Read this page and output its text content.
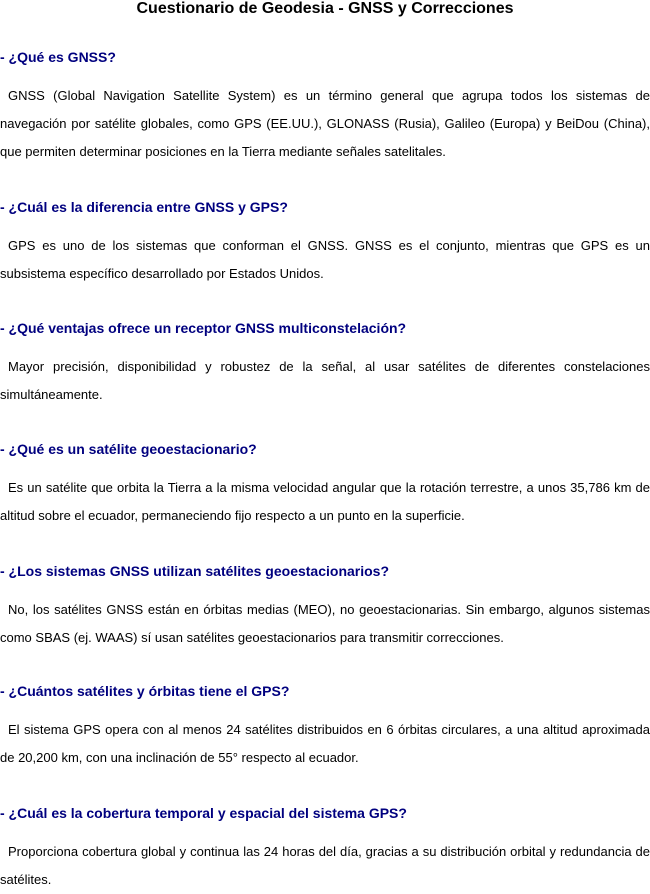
Cuestionario de Geodesia - GNSS y Correcciones

- ¿Qué es GNSS?

GNSS (Global Navigation Satellite System) es un término general que agrupa todos los sistemas de navegación por satélite globales, como GPS (EE.UU.), GLONASS (Rusia), Galileo (Europa) y BeiDou (China), que permiten determinar posiciones en la Tierra mediante señales satelitales.

- ¿Cuál es la diferencia entre GNSS y GPS?

GPS es uno de los sistemas que conforman el GNSS. GNSS es el conjunto, mientras que GPS es un subsistema específico desarrollado por Estados Unidos.

- ¿Qué ventajas ofrece un receptor GNSS multiconstelación?

Mayor precisión, disponibilidad y robustez de la señal, al usar satélites de diferentes constelaciones simultáneamente.

- ¿Qué es un satélite geoestacionario?

Es un satélite que orbita la Tierra a la misma velocidad angular que la rotación terrestre, a unos 35,786 km de altitud sobre el ecuador, permaneciendo fijo respecto a un punto en la superficie.

- ¿Los sistemas GNSS utilizan satélites geoestacionarios?

No, los satélites GNSS están en órbitas medias (MEO), no geoestacionarias. Sin embargo, algunos sistemas como SBAS (ej. WAAS) sí usan satélites geoestacionarios para transmitir correcciones.

- ¿Cuántos satélites y órbitas tiene el GPS?

El sistema GPS opera con al menos 24 satélites distribuidos en 6 órbitas circulares, a una altitud aproximada de 20,200 km, con una inclinación de 55° respecto al ecuador.

- ¿Cuál es la cobertura temporal y espacial del sistema GPS?

Proporciona cobertura global y continua las 24 horas del día, gracias a su distribución orbital y redundancia de satélites.
